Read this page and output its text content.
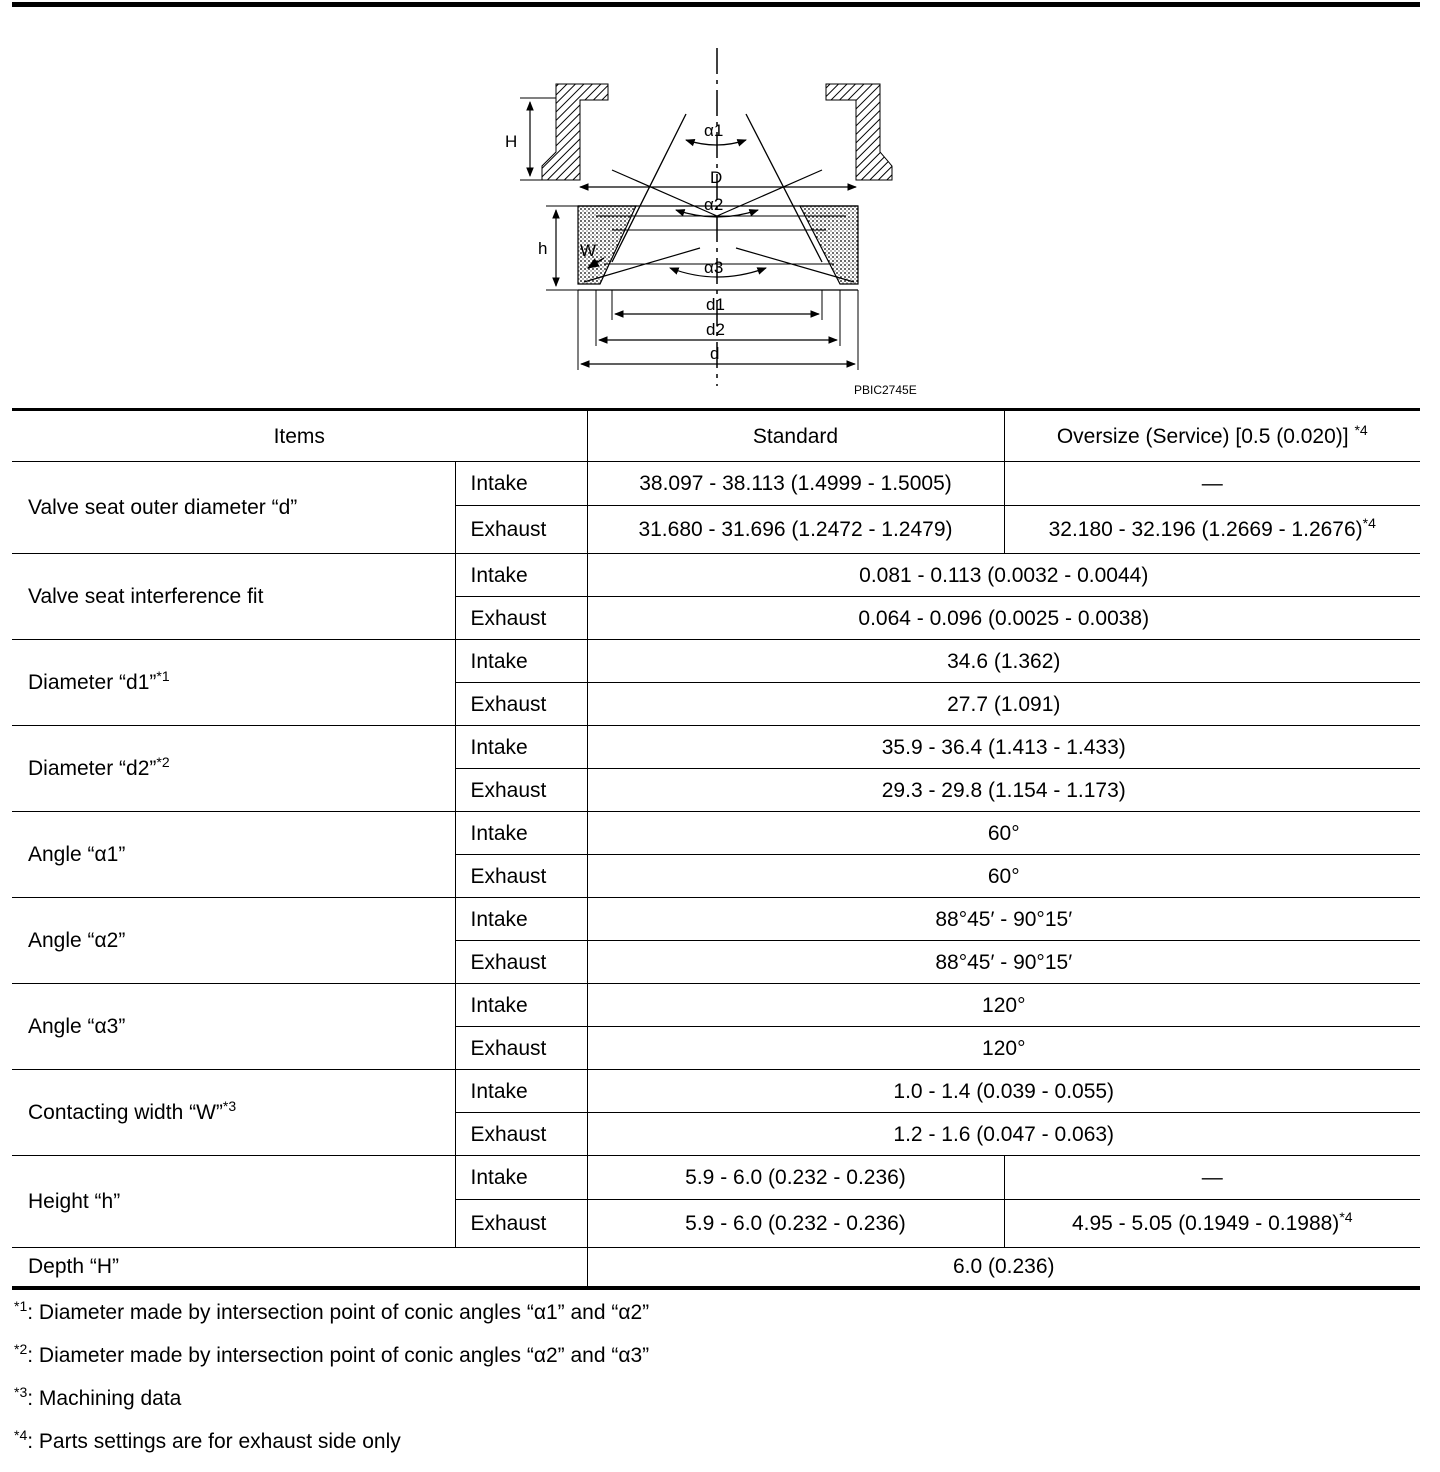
H
D
α1
α2
α3
h W
d1
d2
d
PBIC2745E
Items		Standard	Oversize (Service) [0.5 (0.020)] $^{*4}$
Valve seat outer diameter “d”	Intake	38.097 - 38.113 (1.4999 - 1.5005)	—
	Exhaust	31.680 - 31.696 (1.2472 - 1.2479)	32.180 - 32.196 (1.2669 - 1.2676)$^{*4}$
Valve seat interference fit	Intake	0.081 - 0.113 (0.0032 - 0.0044)	
	Exhaust	0.064 - 0.096 (0.0025 - 0.0038)	
Diameter “d1”$^{*1}$	Intake	34.6 (1.362)	
	Exhaust	27.7 (1.091)	
Diameter “d2”$^{*2}$	Intake	35.9 - 36.4 (1.413 - 1.433)	
	Exhaust	29.3 - 29.8 (1.154 - 1.173)	
Angle “α1”	Intake	60°	
	Exhaust	60°	
Angle “α2”	Intake	88°45′ - 90°15′	
	Exhaust	88°45′ - 90°15′	
Angle “α3”	Intake	120°	
	Exhaust	120°	
Contacting width “W”$^{*3}$	Intake	1.0 - 1.4 (0.039 - 0.055)	
	Exhaust	1.2 - 1.6 (0.047 - 0.063)	
Height “h”	Intake	5.9 - 6.0 (0.232 - 0.236)	—
	Exhaust	5.9 - 6.0 (0.232 - 0.236)	4.95 - 5.05 (0.1949 - 0.1988)$^{*4}$
Depth “H”		6.0 (0.236)	
$^{*1}$: Diameter made by intersection point of conic angles “α1” and “α2”
$^{*2}$: Diameter made by intersection point of conic angles “α2” and “α3”
$^{*3}$: Machining data
$^{*4}$: Parts settings are for exhaust side only
